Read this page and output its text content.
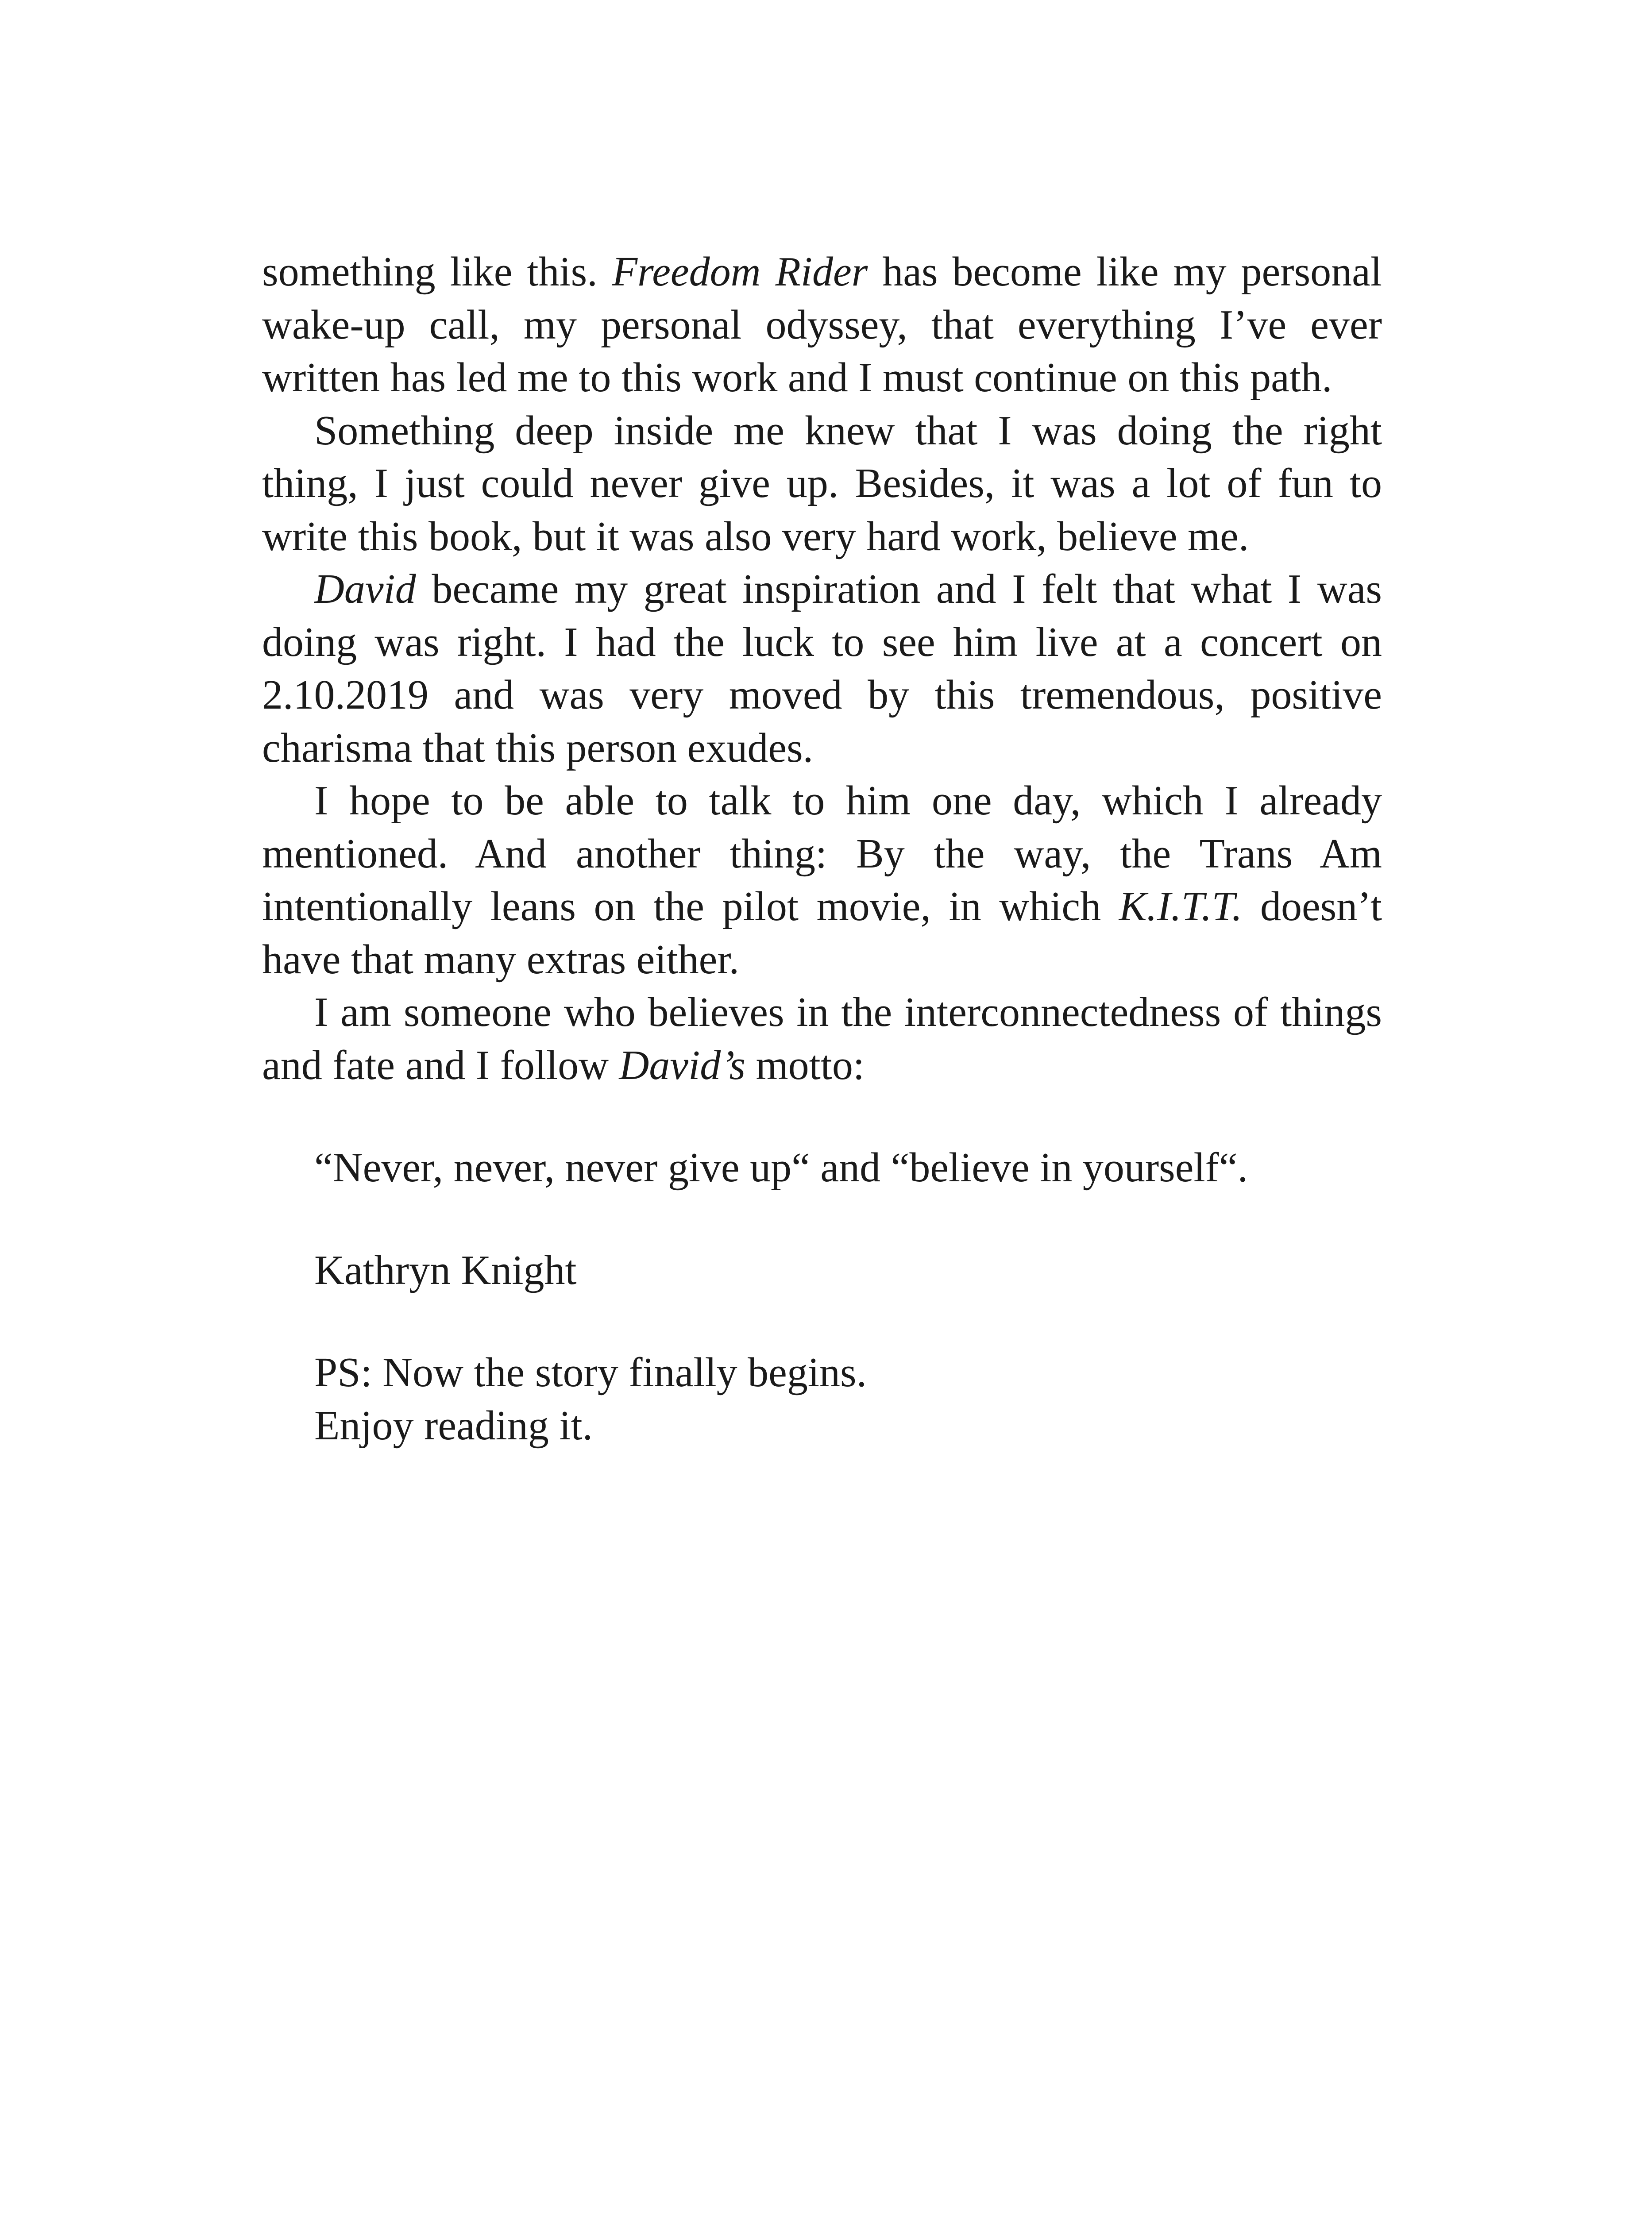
something like this. Freedom Rider has become like my personal wake-up call, my personal odyssey, that everything I’ve ever written has led me to this work and I must continue on this path.

Something deep inside me knew that I was doing the right thing, I just could never give up. Besides, it was a lot of fun to write this book, but it was also very hard work, believe me.

David became my great inspiration and I felt that what I was doing was right. I had the luck to see him live at a concert on 2.10.2019 and was very moved by this tremendous, positive charisma that this person exudes.

I hope to be able to talk to him one day, which I already mentioned. And another thing: By the way, the Trans Am intentionally leans on the pilot movie, in which K.I.T.T. doesn’t have that many extras either.

I am someone who believes in the interconnectedness of things and fate and I follow David’s motto:

“Never, never, never give up“ and “believe in yourself“.

Kathryn Knight

PS: Now the story finally begins.

Enjoy reading it.
